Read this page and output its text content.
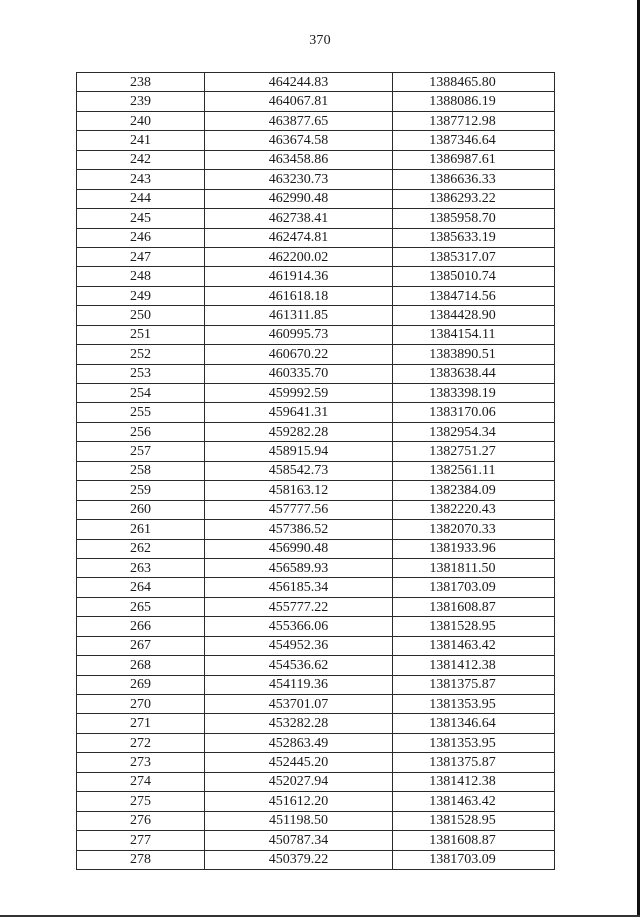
370
238	464244.83	1388465.80
239	464067.81	1388086.19
240	463877.65	1387712.98
241	463674.58	1387346.64
242	463458.86	1386987.61
243	463230.73	1386636.33
244	462990.48	1386293.22
245	462738.41	1385958.70
246	462474.81	1385633.19
247	462200.02	1385317.07
248	461914.36	1385010.74
249	461618.18	1384714.56
250	461311.85	1384428.90
251	460995.73	1384154.11
252	460670.22	1383890.51
253	460335.70	1383638.44
254	459992.59	1383398.19
255	459641.31	1383170.06
256	459282.28	1382954.34
257	458915.94	1382751.27
258	458542.73	1382561.11
259	458163.12	1382384.09
260	457777.56	1382220.43
261	457386.52	1382070.33
262	456990.48	1381933.96
263	456589.93	1381811.50
264	456185.34	1381703.09
265	455777.22	1381608.87
266	455366.06	1381528.95
267	454952.36	1381463.42
268	454536.62	1381412.38
269	454119.36	1381375.87
270	453701.07	1381353.95
271	453282.28	1381346.64
272	452863.49	1381353.95
273	452445.20	1381375.87
274	452027.94	1381412.38
275	451612.20	1381463.42
276	451198.50	1381528.95
277	450787.34	1381608.87
278	450379.22	1381703.09
